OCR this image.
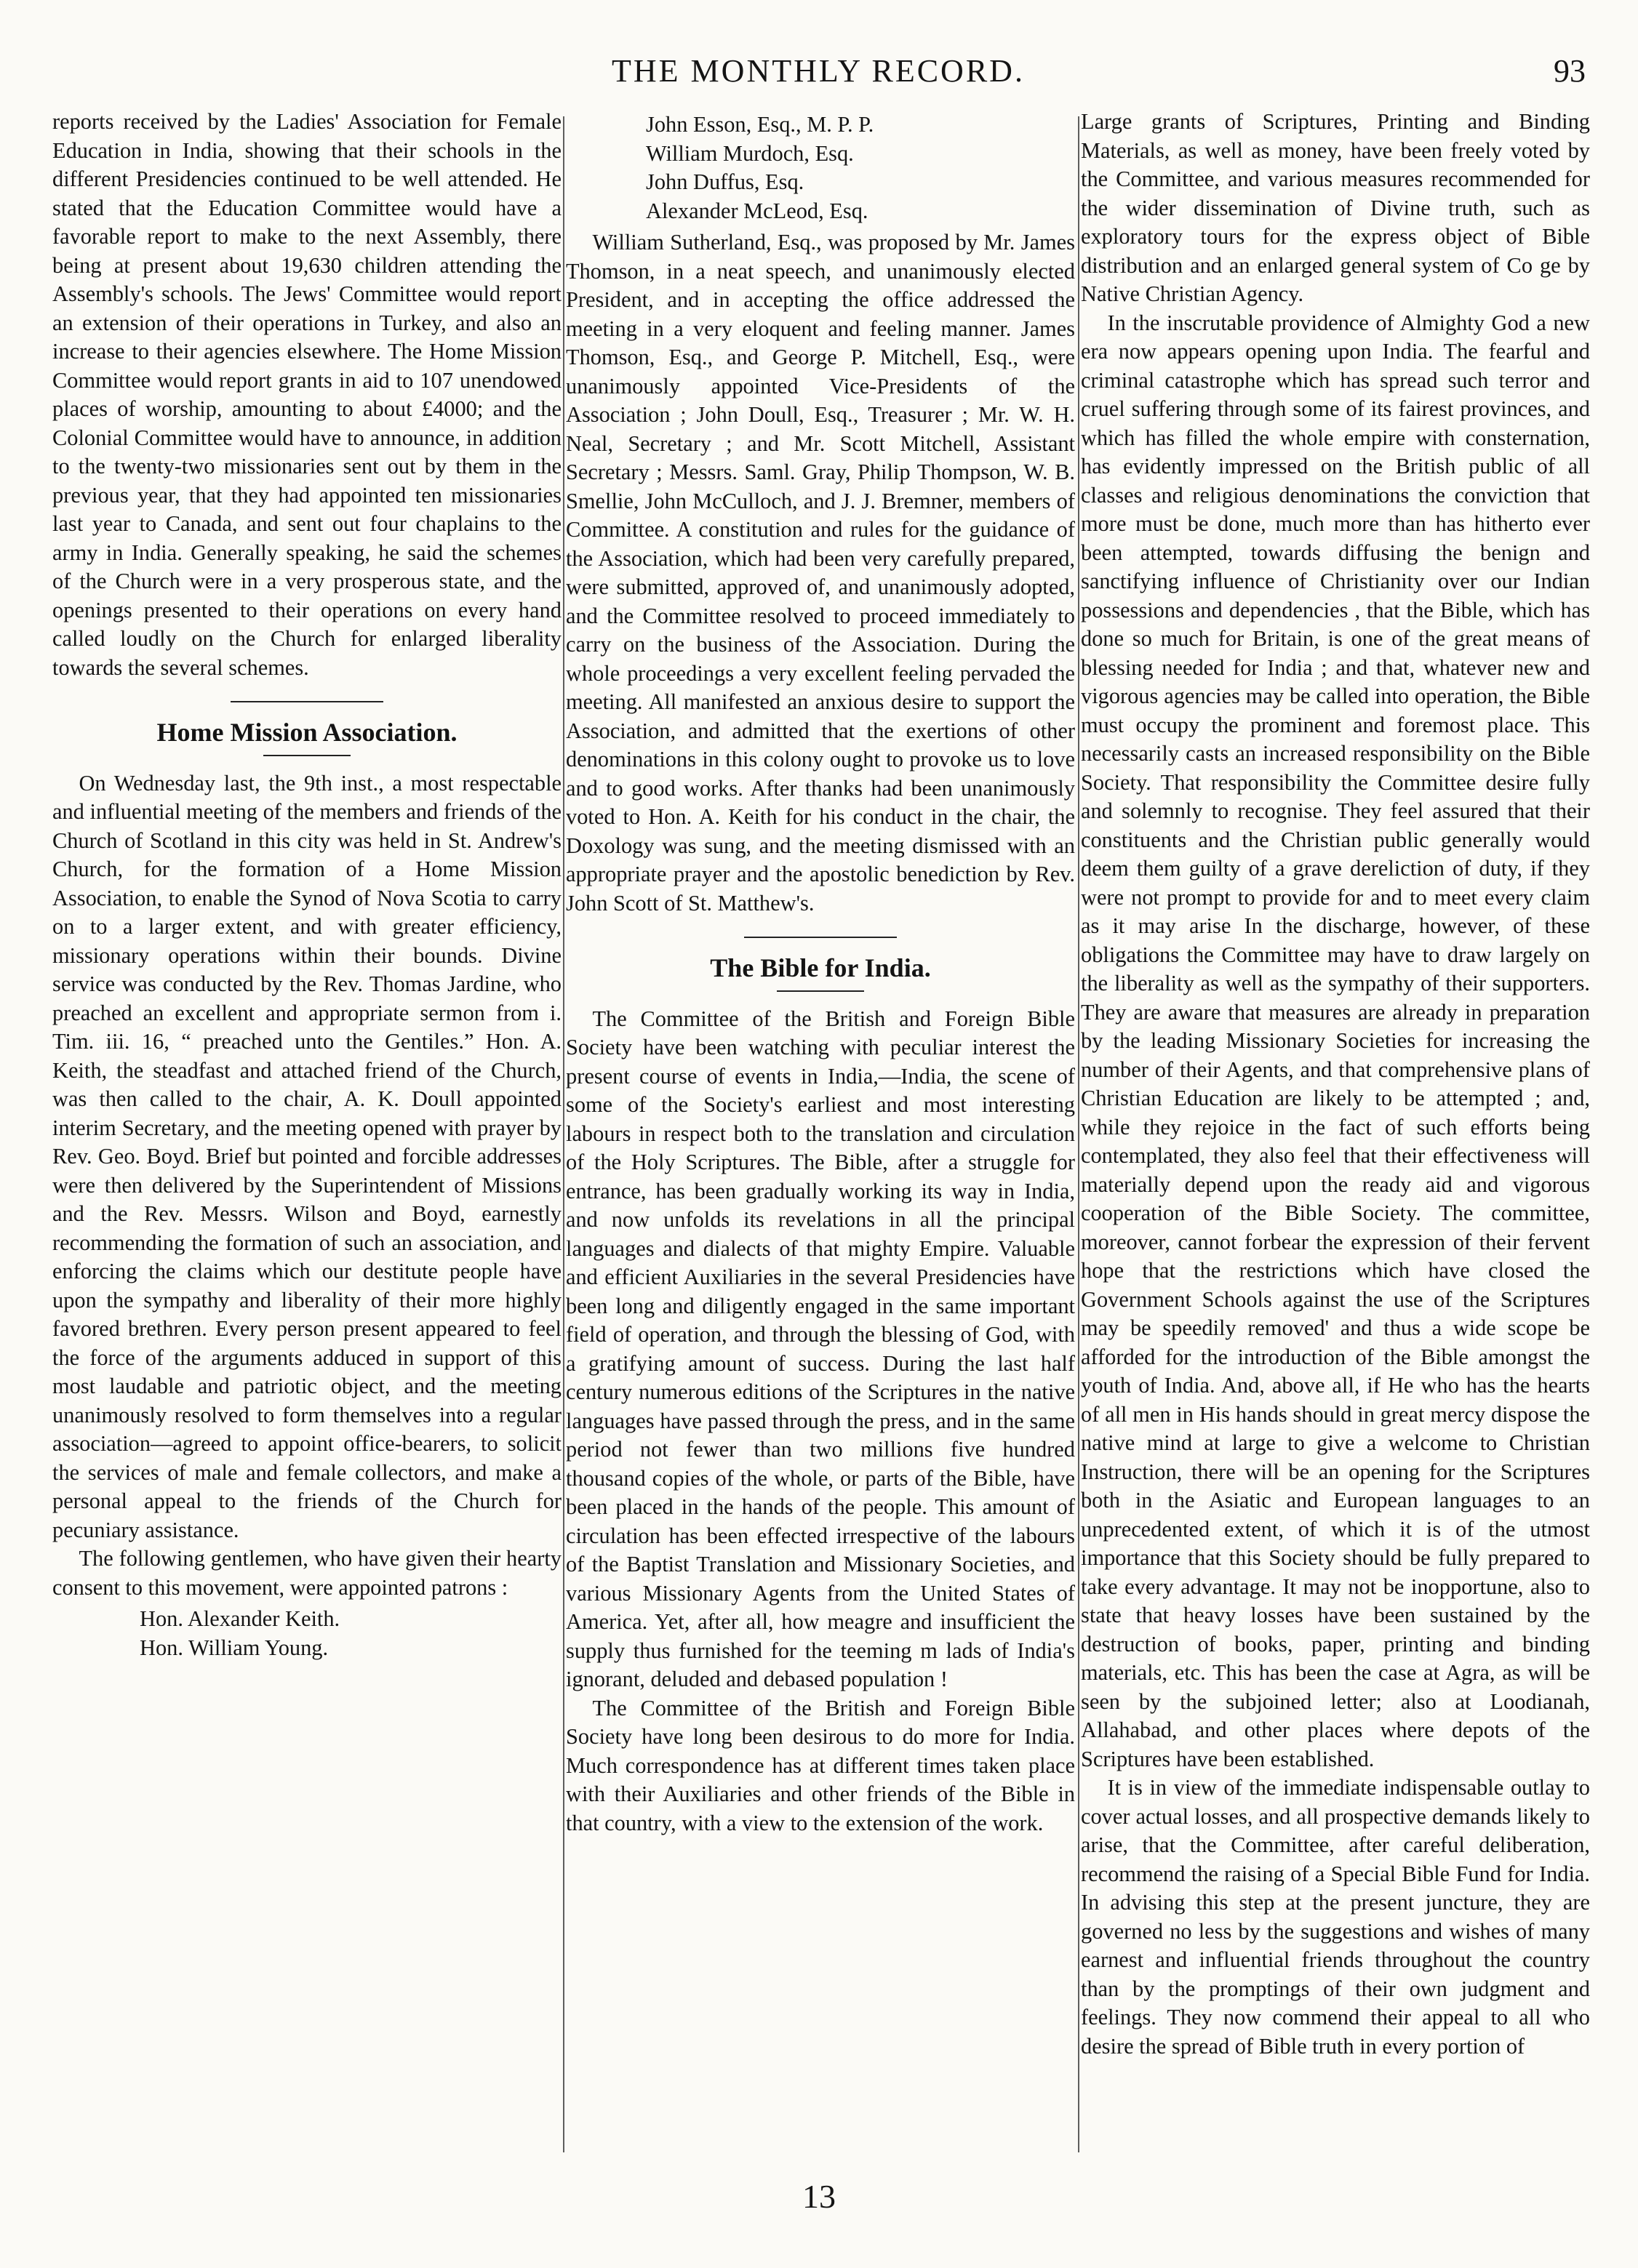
THE MONTHLY RECORD.	93

reports received by the Ladies' Association for Female Education in India, showing that their schools in the different Presidencies continued to be well attended. He stated that the Education Committee would have a favorable report to make to the next Assembly, there being at present about 19,630 children attending the Assembly's schools. The Jews' Committee would report an extension of their operations in Turkey, and also an increase to their agencies elsewhere. The Home Mission Committee would report grants in aid to 107 unendowed places of worship, amounting to about £4000; and the Colonial Committee would have to announce, in addition to the twenty-two missionaries sent out by them in the previous year, that they had appointed ten missionaries last year to Canada, and sent out four chaplains to the army in India. Generally speaking, he said the schemes of the Church were in a very prosperous state, and the openings presented to their operations on every hand called loudly on the Church for enlarged liberality towards the several schemes.

Home Mission Association.

On Wednesday last, the 9th inst., a most respectable and influential meeting of the members and friends of the Church of Scotland in this city was held in St. Andrew's Church, for the formation of a Home Mission Association, to enable the Synod of Nova Scotia to carry on to a larger extent, and with greater efficiency, missionary operations within their bounds. Divine service was conducted by the Rev. Thomas Jardine, who preached an excellent and appropriate sermon from i. Tim. iii. 16, “ preached unto the Gentiles.” Hon. A. Keith, the steadfast and attached friend of the Church, was then called to the chair, A. K. Doull appointed interim Secretary, and the meeting opened with prayer by Rev. Geo. Boyd. Brief but pointed and forcible addresses were then delivered by the Superintendent of Missions and the Rev. Messrs. Wilson and Boyd, earnestly recommending the formation of such an association, and enforcing the claims which our destitute people have upon the sympathy and liberality of their more highly favored brethren. Every person present appeared to feel the force of the arguments adduced in support of this most laudable and patriotic object, and the meeting unanimously resolved to form themselves into a regular association—agreed to appoint office-bearers, to solicit the services of male and female collectors, and make a personal appeal to the friends of the Church for pecuniary assistance.

The following gentlemen, who have given their hearty consent to this movement, were appointed patrons :

Hon. Alexander Keith.
Hon. William Young.
John Esson, Esq., M. P. P.
William Murdoch, Esq.
John Duffus, Esq.
Alexander McLeod, Esq.

William Sutherland, Esq., was proposed by Mr. James Thomson, in a neat speech, and unanimously elected President, and in accepting the office addressed the meeting in a very eloquent and feeling manner. James Thomson, Esq., and George P. Mitchell, Esq., were unanimously appointed Vice-Presidents of the Association ; John Doull, Esq., Treasurer ; Mr. W. H. Neal, Secretary ; and Mr. Scott Mitchell, Assistant Secretary ; Messrs. Saml. Gray, Philip Thompson, W. B. Smellie, John McCulloch, and J. J. Bremner, members of Committee. A constitution and rules for the guidance of the Association, which had been very carefully prepared, were submitted, approved of, and unanimously adopted, and the Committee resolved to proceed immediately to carry on the business of the Association. During the whole proceedings a very excellent feeling pervaded the meeting. All manifested an anxious desire to support the Association, and admitted that the exertions of other denominations in this colony ought to provoke us to love and to good works. After thanks had been unanimously voted to Hon. A. Keith for his conduct in the chair, the Doxology was sung, and the meeting dismissed with an appropriate prayer and the apostolic benediction by Rev. John Scott of St. Matthew's.

The Bible for India.

The Committee of the British and Foreign Bible Society have been watching with peculiar interest the present course of events in India,—India, the scene of some of the Society's earliest and most interesting labours in respect both to the translation and circulation of the Holy Scriptures. The Bible, after a struggle for entrance, has been gradually working its way in India, and now unfolds its revelations in all the principal languages and dialects of that mighty Empire. Valuable and efficient Auxiliaries in the several Presidencies have been long and diligently engaged in the same important field of operation, and through the blessing of God, with a gratifying amount of success. During the last half century numerous editions of the Scriptures in the native languages have passed through the press, and in the same period not fewer than two millions five hundred thousand copies of the whole, or parts of the Bible, have been placed in the hands of the people. This amount of circulation has been effected irrespective of the labours of the Baptist Translation and Missionary Societies, and various Missionary Agents from the United States of America. Yet, after all, how meagre and insufficient the supply thus furnished for the teeming m lads of India's ignorant, deluded and debased population !

The Committee of the British and Foreign Bible Society have long been desirous to do more for India. Much correspondence has at different times taken place with their Auxiliaries and other friends of the Bible in that country, with a view to the extension of the work.

Large grants of Scriptures, Printing and Binding Materials, as well as money, have been freely voted by the Committee, and various measures recommended for the wider dissemination of Divine truth, such as exploratory tours for the express object of Bible distribution and an enlarged general system of Co ge by Native Christian Agency.

In the inscrutable providence of Almighty God a new era now appears opening upon India. The fearful and criminal catastrophe which has spread such terror and cruel suffering through some of its fairest provinces, and which has filled the whole empire with consternation, has evidently impressed on the British public of all classes and religious denominations the conviction that more must be done, much more than has hitherto ever been attempted, towards diffusing the benign and sanctifying influence of Christianity over our Indian possessions and dependencies , that the Bible, which has done so much for Britain, is one of the great means of blessing needed for India ; and that, whatever new and vigorous agencies may be called into operation, the Bible must occupy the prominent and foremost place. This necessarily casts an increased responsibility on the Bible Society. That responsibility the Committee desire fully and solemnly to recognise. They feel assured that their constituents and the Christian public generally would deem them guilty of a grave dereliction of duty, if they were not prompt to provide for and to meet every claim as it may arise In the discharge, however, of these obligations the Committee may have to draw largely on the liberality as well as the sympathy of their supporters. They are aware that measures are already in preparation by the leading Missionary Societies for increasing the number of their Agents, and that comprehensive plans of Christian Education are likely to be attempted ; and, while they rejoice in the fact of such efforts being contemplated, they also feel that their effectiveness will materially depend upon the ready aid and vigorous cooperation of the Bible Society. The committee, moreover, cannot forbear the expression of their fervent hope that the restrictions which have closed the Government Schools against the use of the Scriptures may be speedily removed' and thus a wide scope be afforded for the introduction of the Bible amongst the youth of India. And, above all, if He who has the hearts of all men in His hands should in great mercy dispose the native mind at large to give a welcome to Christian Instruction, there will be an opening for the Scriptures both in the Asiatic and European languages to an unprecedented extent, of which it is of the utmost importance that this Society should be fully prepared to take every advantage. It may not be inopportune, also to state that heavy losses have been sustained by the destruction of books, paper, printing and binding materials, etc. This has been the case at Agra, as will be seen by the subjoined letter; also at Loodianah, Allahabad, and other places where depots of the Scriptures have been established.

It is in view of the immediate indispensable outlay to cover actual losses, and all prospective demands likely to arise, that the Committee, after careful deliberation, recommend the raising of a Special Bible Fund for India. In advising this step at the present juncture, they are governed no less by the suggestions and wishes of many earnest and influential friends throughout the country than by the promptings of their own judgment and feelings. They now commend their appeal to all who desire the spread of Bible truth in every portion of

13
